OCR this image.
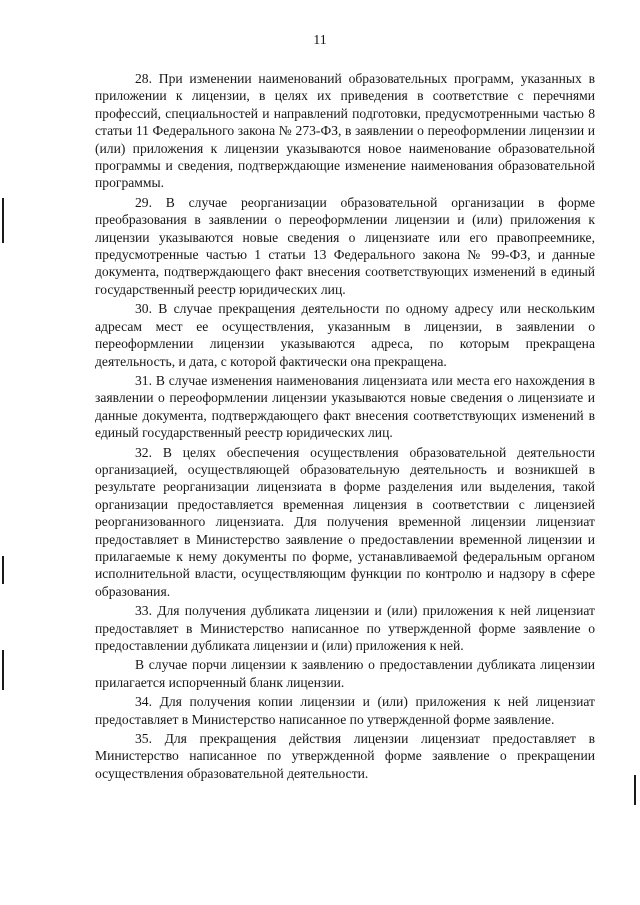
11

28. При изменении наименований образовательных программ, указанных в приложении к лицензии, в целях их приведения в соответствие с перечнями профессий, специальностей и направлений подготовки, предусмотренными частью 8 статьи 11 Федерального закона № 273-ФЗ, в заявлении о переоформлении лицензии и (или) приложения к лицензии указываются новое наименование образовательной программы и сведения, подтверждающие изменение наименования образовательной программы.

29. В случае реорганизации образовательной организации в форме преобразования в заявлении о переоформлении лицензии и (или) приложения к лицензии указываются новые сведения о лицензиате или его правопреемнике, предусмотренные частью 1 статьи 13 Федерального закона № 99-ФЗ, и данные документа, подтверждающего факт внесения соответствующих изменений в единый государственный реестр юридических лиц.

30. В случае прекращения деятельности по одному адресу или нескольким адресам мест ее осуществления, указанным в лицензии, в заявлении о переоформлении лицензии указываются адреса, по которым прекращена деятельность, и дата, с которой фактически она прекращена.

31. В случае изменения наименования лицензиата или места его нахождения в заявлении о переоформлении лицензии указываются новые сведения о лицензиате и данные документа, подтверждающего факт внесения соответствующих изменений в единый государственный реестр юридических лиц.

32. В целях обеспечения осуществления образовательной деятельности организацией, осуществляющей образовательную деятельность и возникшей в результате реорганизации лицензиата в форме разделения или выделения, такой организации предоставляется временная лицензия в соответствии с лицензией реорганизованного лицензиата. Для получения временной лицензии лицензиат предоставляет в Министерство заявление о предоставлении временной лицензии и прилагаемые к нему документы по форме, устанавливаемой федеральным органом исполнительной власти, осуществляющим функции по контролю и надзору в сфере образования.

33. Для получения дубликата лицензии и (или) приложения к ней лицензиат предоставляет в Министерство написанное по утвержденной форме заявление о предоставлении дубликата лицензии и (или) приложения к ней.

В случае порчи лицензии к заявлению о предоставлении дубликата лицензии прилагается испорченный бланк лицензии.

34. Для получения копии лицензии и (или) приложения к ней лицензиат предоставляет в Министерство написанное по утвержденной форме заявление.

35. Для прекращения действия лицензии лицензиат предоставляет в Министерство написанное по утвержденной форме заявление о прекращении осуществления образовательной деятельности.
